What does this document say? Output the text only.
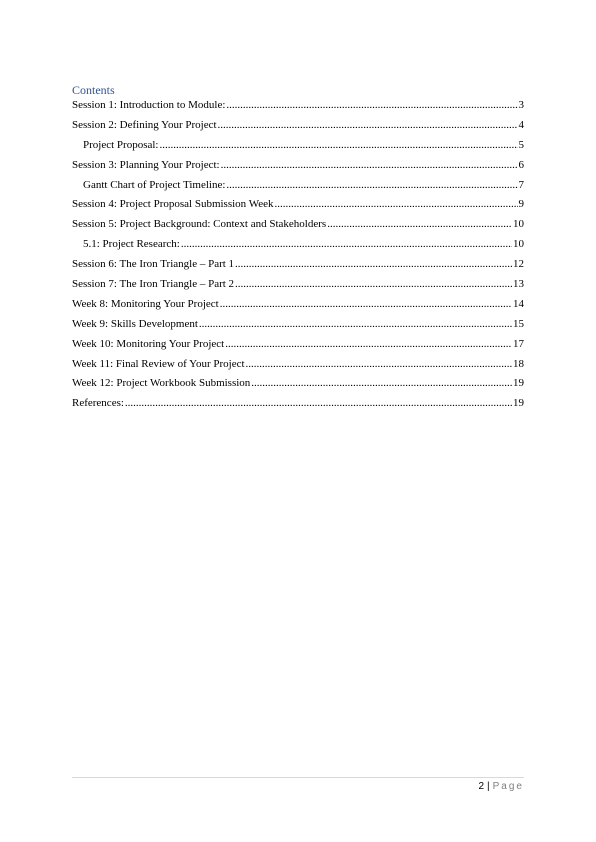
Contents
Session 1: Introduction to Module: .....	3
Session 2: Defining Your Project .....	4
Project Proposal: .....	5
Session 3: Planning Your Project: .....	6
Gantt Chart of Project Timeline: .....	7
Session 4: Project Proposal Submission Week .....	9
Session 5: Project Background: Context and Stakeholders .....	10
5.1: Project Research: .....	10
Session 6: The Iron Triangle – Part 1 .....	12
Session 7: The Iron Triangle – Part 2 .....	13
Week 8: Monitoring Your Project .....	14
Week 9: Skills Development .....	15
Week 10: Monitoring Your Project .....	17
Week 11: Final Review of Your Project .....	18
Week 12: Project Workbook Submission .....	19
References: .....	19
2 | Page
